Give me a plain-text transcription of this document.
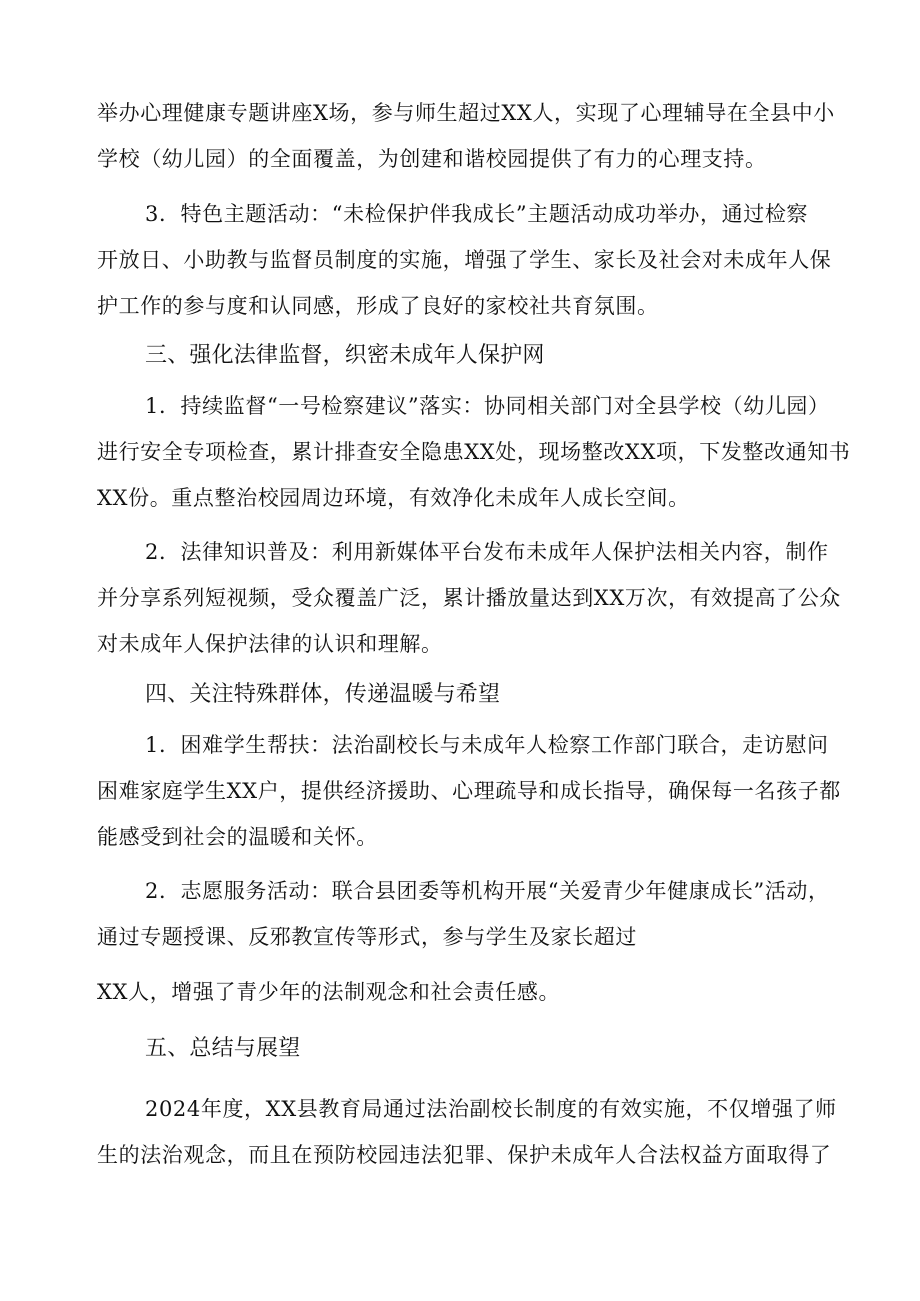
举办心理健康专题讲座X场，参与师生超过XX人，实现了心理辅导在全县中小
学校（幼儿园）的全面覆盖，为创建和谐校园提供了有力的心理支持。
3．特色主题活动：“未检保护伴我成长”主题活动成功举办，通过检察
开放日、小助教与监督员制度的实施，增强了学生、家长及社会对未成年人保
护工作的参与度和认同感，形成了良好的家校社共育氛围。
三、强化法律监督，织密未成年人保护网
1．持续监督“一号检察建议”落实：协同相关部门对全县学校（幼儿园）
进行安全专项检查，累计排查安全隐患XX处，现场整改XX项，下发整改通知书
XX份。重点整治校园周边环境，有效净化未成年人成长空间。
2．法律知识普及：利用新媒体平台发布未成年人保护法相关内容，制作
并分享系列短视频，受众覆盖广泛，累计播放量达到XX万次，有效提高了公众
对未成年人保护法律的认识和理解。
四、关注特殊群体，传递温暖与希望
1．困难学生帮扶：法治副校长与未成年人检察工作部门联合，走访慰问
困难家庭学生XX户，提供经济援助、心理疏导和成长指导，确保每一名孩子都
能感受到社会的温暖和关怀。
2．志愿服务活动：联合县团委等机构开展“关爱青少年健康成长”活动，
通过专题授课、反邪教宣传等形式，参与学生及家长超过
XX人，增强了青少年的法制观念和社会责任感。
五、总结与展望
2024年度，XX县教育局通过法治副校长制度的有效实施，不仅增强了师
生的法治观念，而且在预防校园违法犯罪、保护未成年人合法权益方面取得了
